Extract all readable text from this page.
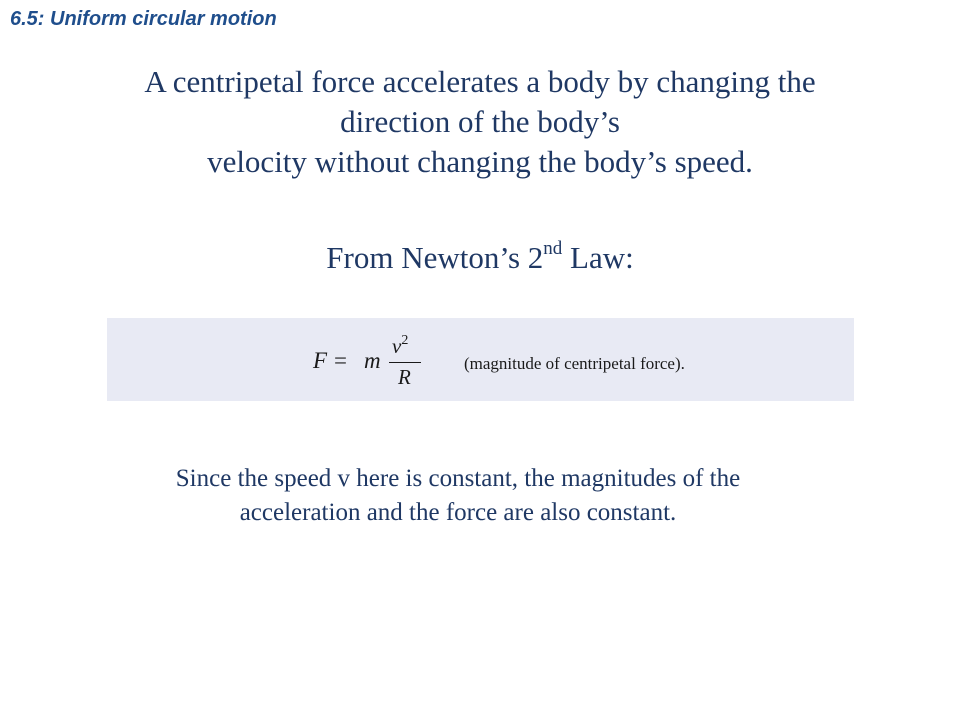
6.5: Uniform circular motion
A centripetal force accelerates a body by changing the
direction of the body’s
velocity without changing the body’s speed.
From Newton’s 2nd Law:
F = m
$v^2$
R
(magnitude of centripetal force).
Since the speed v here is constant, the magnitudes of the
acceleration and the force are also constant.
